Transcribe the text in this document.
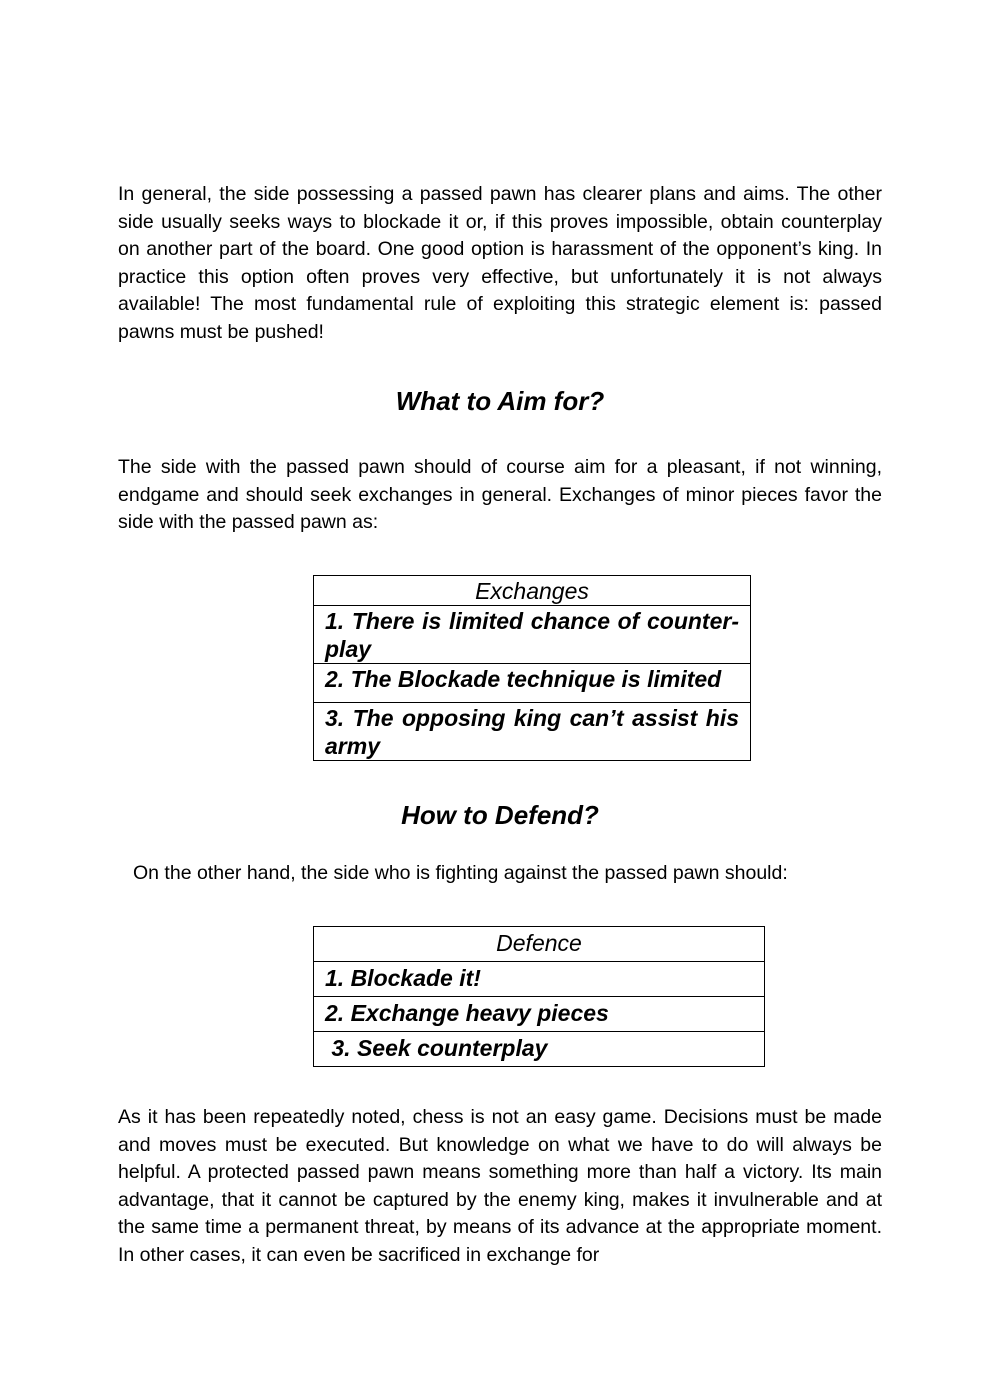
In general, the side possessing a passed pawn has clearer plans and aims. The other side usually seeks ways to blockade it or, if this proves impossible, obtain counterplay on another part of the board. One good option is harassment of the opponent’s king. In practice this option often proves very effective, but unfortunately it is not always available! The most fundamental rule of exploiting this strategic element is: passed pawns must be pushed!

What to Aim for?

The side with the passed pawn should of course aim for a pleasant, if not winning, endgame and should seek exchanges in general. Exchanges of minor pieces favor the side with the passed pawn as:

Exchanges
1. There is limited chance of counter-play
2. The Blockade technique is limited
3. The opposing king can’t assist his army
How to Defend?

On the other hand, the side who is fighting against the passed pawn should:

Defence
1. Blockade it!
2. Exchange heavy pieces
3. Seek counterplay

As it has been repeatedly noted, chess is not an easy game. Decisions must be made and moves must be executed. But knowledge on what we have to do will always be helpful. A protected passed pawn means something more than half a victory. Its main advantage, that it cannot be captured by the enemy king, makes it invulnerable and at the same time a permanent threat, by means of its advance at the appropriate moment. In other cases, it can even be sacrificed in exchange for
